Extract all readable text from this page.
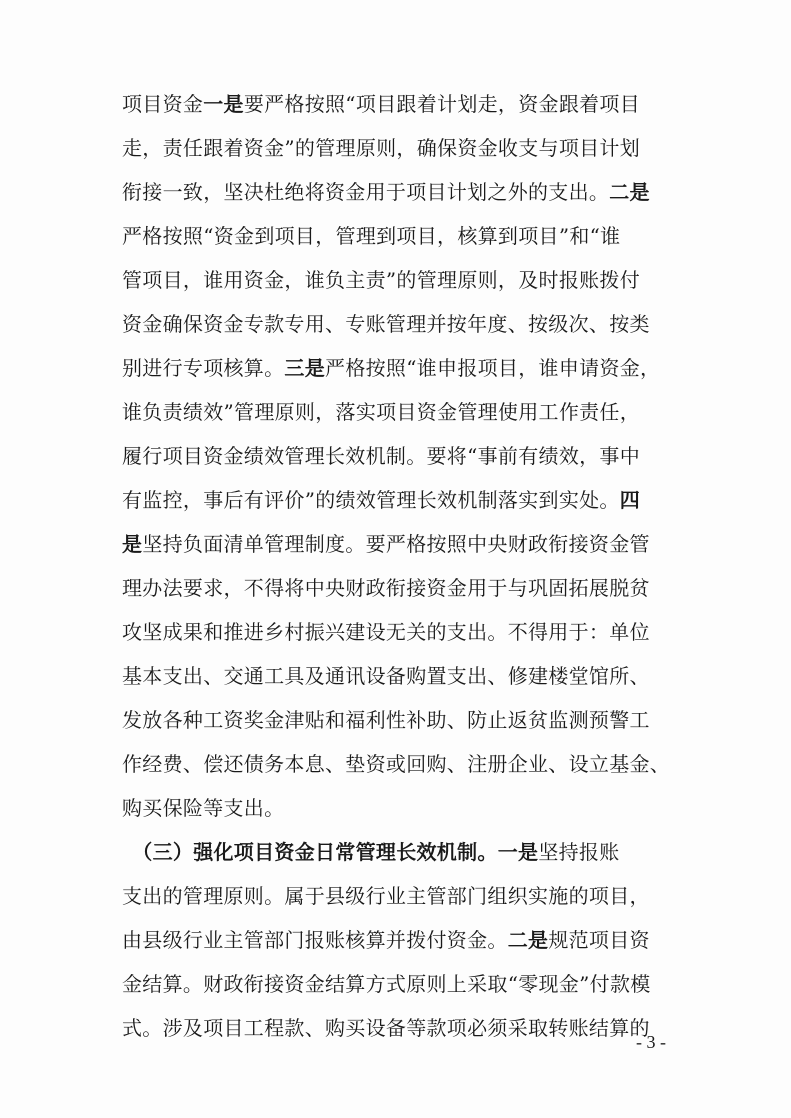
项目资金一是要严格按照“项目跟着计划走，资金跟着项目
走，责任跟着资金”的管理原则，确保资金收支与项目计划
衔接一致，坚决杜绝将资金用于项目计划之外的支出。二是
严格按照“资金到项目，管理到项目，核算到项目”和“谁
管项目，谁用资金，谁负主责”的管理原则，及时报账拨付
资金确保资金专款专用、专账管理并按年度、按级次、按类
别进行专项核算。三是严格按照“谁申报项目，谁申请资金，
谁负责绩效”管理原则，落实项目资金管理使用工作责任，
履行项目资金绩效管理长效机制。要将“事前有绩效，事中
有监控，事后有评价”的绩效管理长效机制落实到实处。四
是坚持负面清单管理制度。要严格按照中央财政衔接资金管
理办法要求，不得将中央财政衔接资金用于与巩固拓展脱贫
攻坚成果和推进乡村振兴建设无关的支出。不得用于：单位
基本支出、交通工具及通讯设备购置支出、修建楼堂馆所、
发放各种工资奖金津贴和福利性补助、防止返贫监测预警工
作经费、偿还债务本息、垫资或回购、注册企业、设立基金、
购买保险等支出。
　（三）强化项目资金日常管理长效机制。一是坚持报账
支出的管理原则。属于县级行业主管部门组织实施的项目，
由县级行业主管部门报账核算并拨付资金。二是规范项目资
金结算。财政衔接资金结算方式原则上采取“零现金”付款模
式。涉及项目工程款、购买设备等款项必须采取转账结算的
- 3 -
